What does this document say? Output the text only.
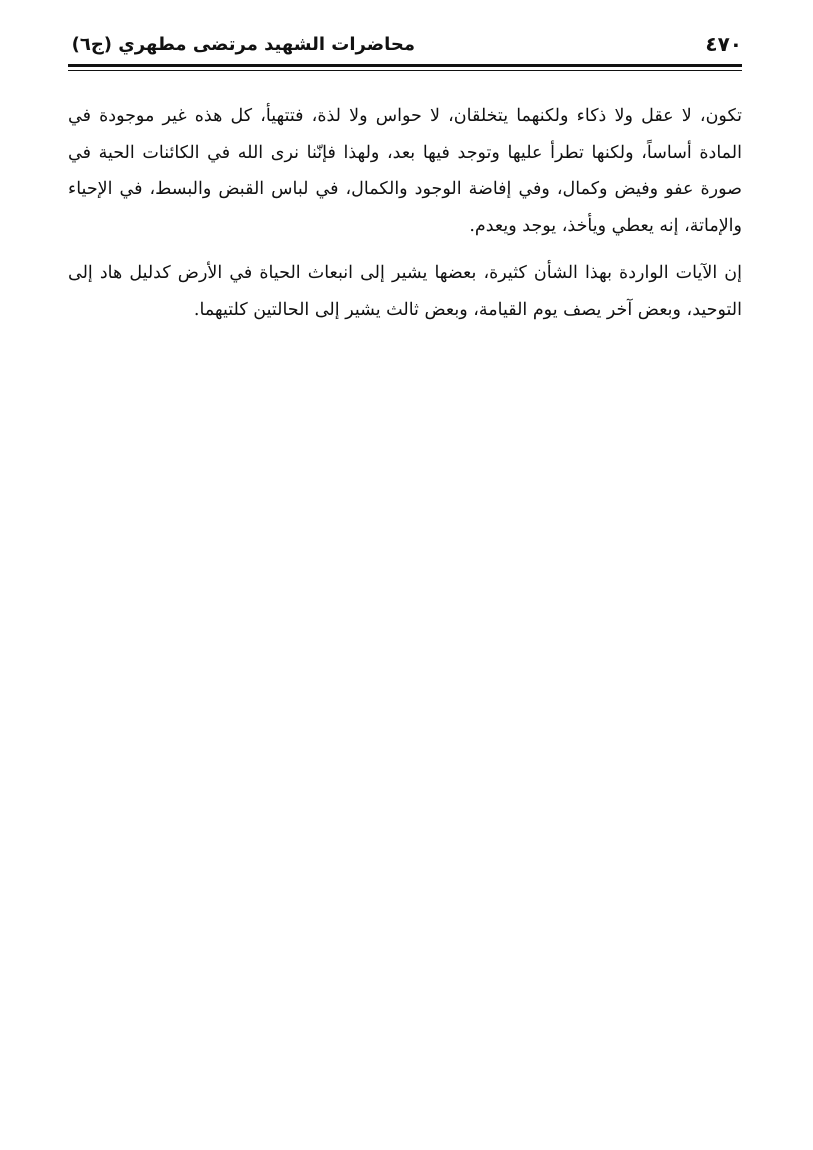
محاضرات الشهيد مرتضى مطهري (ج٦)	٤٧٠

تكون، لا عقل ولا ذكاء ولكنهما يتخلقان، لا حواس ولا لذة، فتتهيأ، كل هذه غير موجودة في المادة أساساً، ولكنها تطرأ عليها وتوجد فيها بعد، ولهذا فإنّنا نرى الله في الكائنات الحية في صورة عفو وفيض وكمال، وفي إفاضة الوجود والكمال، في لباس القبض والبسط، في الإحياء والإماتة، إنه يعطي ويأخذ، يوجد ويعدم.

إن الآيات الواردة بهذا الشأن كثيرة، بعضها يشير إلى انبعاث الحياة في الأرض كدليل هاد إلى التوحيد، وبعض آخر يصف يوم القيامة، وبعض ثالث يشير إلى الحالتين كلتيهما.
